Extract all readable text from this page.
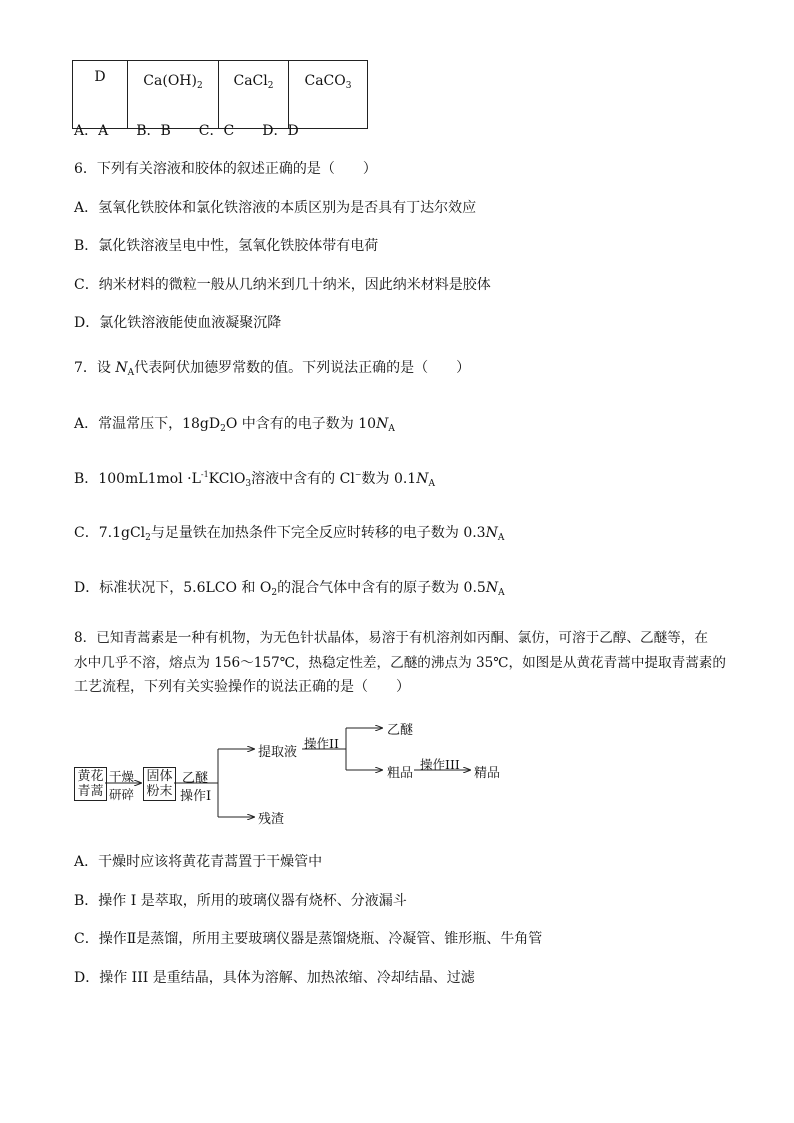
D	$Ca(OH)_2$	CaCl$_2$	CaCO$_3$
A．A　　B．B　　C．C　　D．D
6．下列有关溶液和胶体的叙述正确的是（　　）
A．氢氧化铁胶体和氯化铁溶液的本质区别为是否具有丁达尔效应
B．氯化铁溶液呈电中性，氢氧化铁胶体带有电荷
C．纳米材料的微粒一般从几纳米到几十纳米，因此纳米材料是胶体
D．氯化铁溶液能使血液凝聚沉降
7．设 $N_A$代表阿伏加德罗常数的值。下列说法正确的是（　　）
A．常温常压下，$18gD_2O$ 中含有的电子数为 $10N_A$
B．$100mL1mol \cdot L^{-1}KClO_3$溶液中含有的 Cl−数为 $0.1N_A$
C．7.1gCl$_2$与足量铁在加热条件下完全反应时转移的电子数为 $0.3N_A$
D．标准状况下，5.6LCO 和 $O_2$的混合气体中含有的原子数为 $0.5N_A$
8．已知青蒿素是一种有机物，为无色针状晶体，易溶于有机溶剂如丙酮、氯仿，可溶于乙醇、乙醚等，在
水中几乎不溶，熔点为 156～157℃，热稳定性差，乙醚的沸点为 35℃，如图是从黄花青蒿中提取青蒿素的
工艺流程，下列有关实验操作的说法正确的是（　　）
黄花
青蒿
干燥
研碎
固体
粉末
乙醚
操作I
提取液
残渣
操作II
乙醚
粗品
操作III
精品
A．干燥时应该将黄花青蒿置于干燥管中
B．操作 I 是萃取，所用的玻璃仪器有烧杯、分液漏斗
C．操作Ⅱ是蒸馏，所用主要玻璃仪器是蒸馏烧瓶、冷凝管、锥形瓶、牛角管
D．操作 III 是重结晶，具体为溶解、加热浓缩、冷却结晶、过滤
